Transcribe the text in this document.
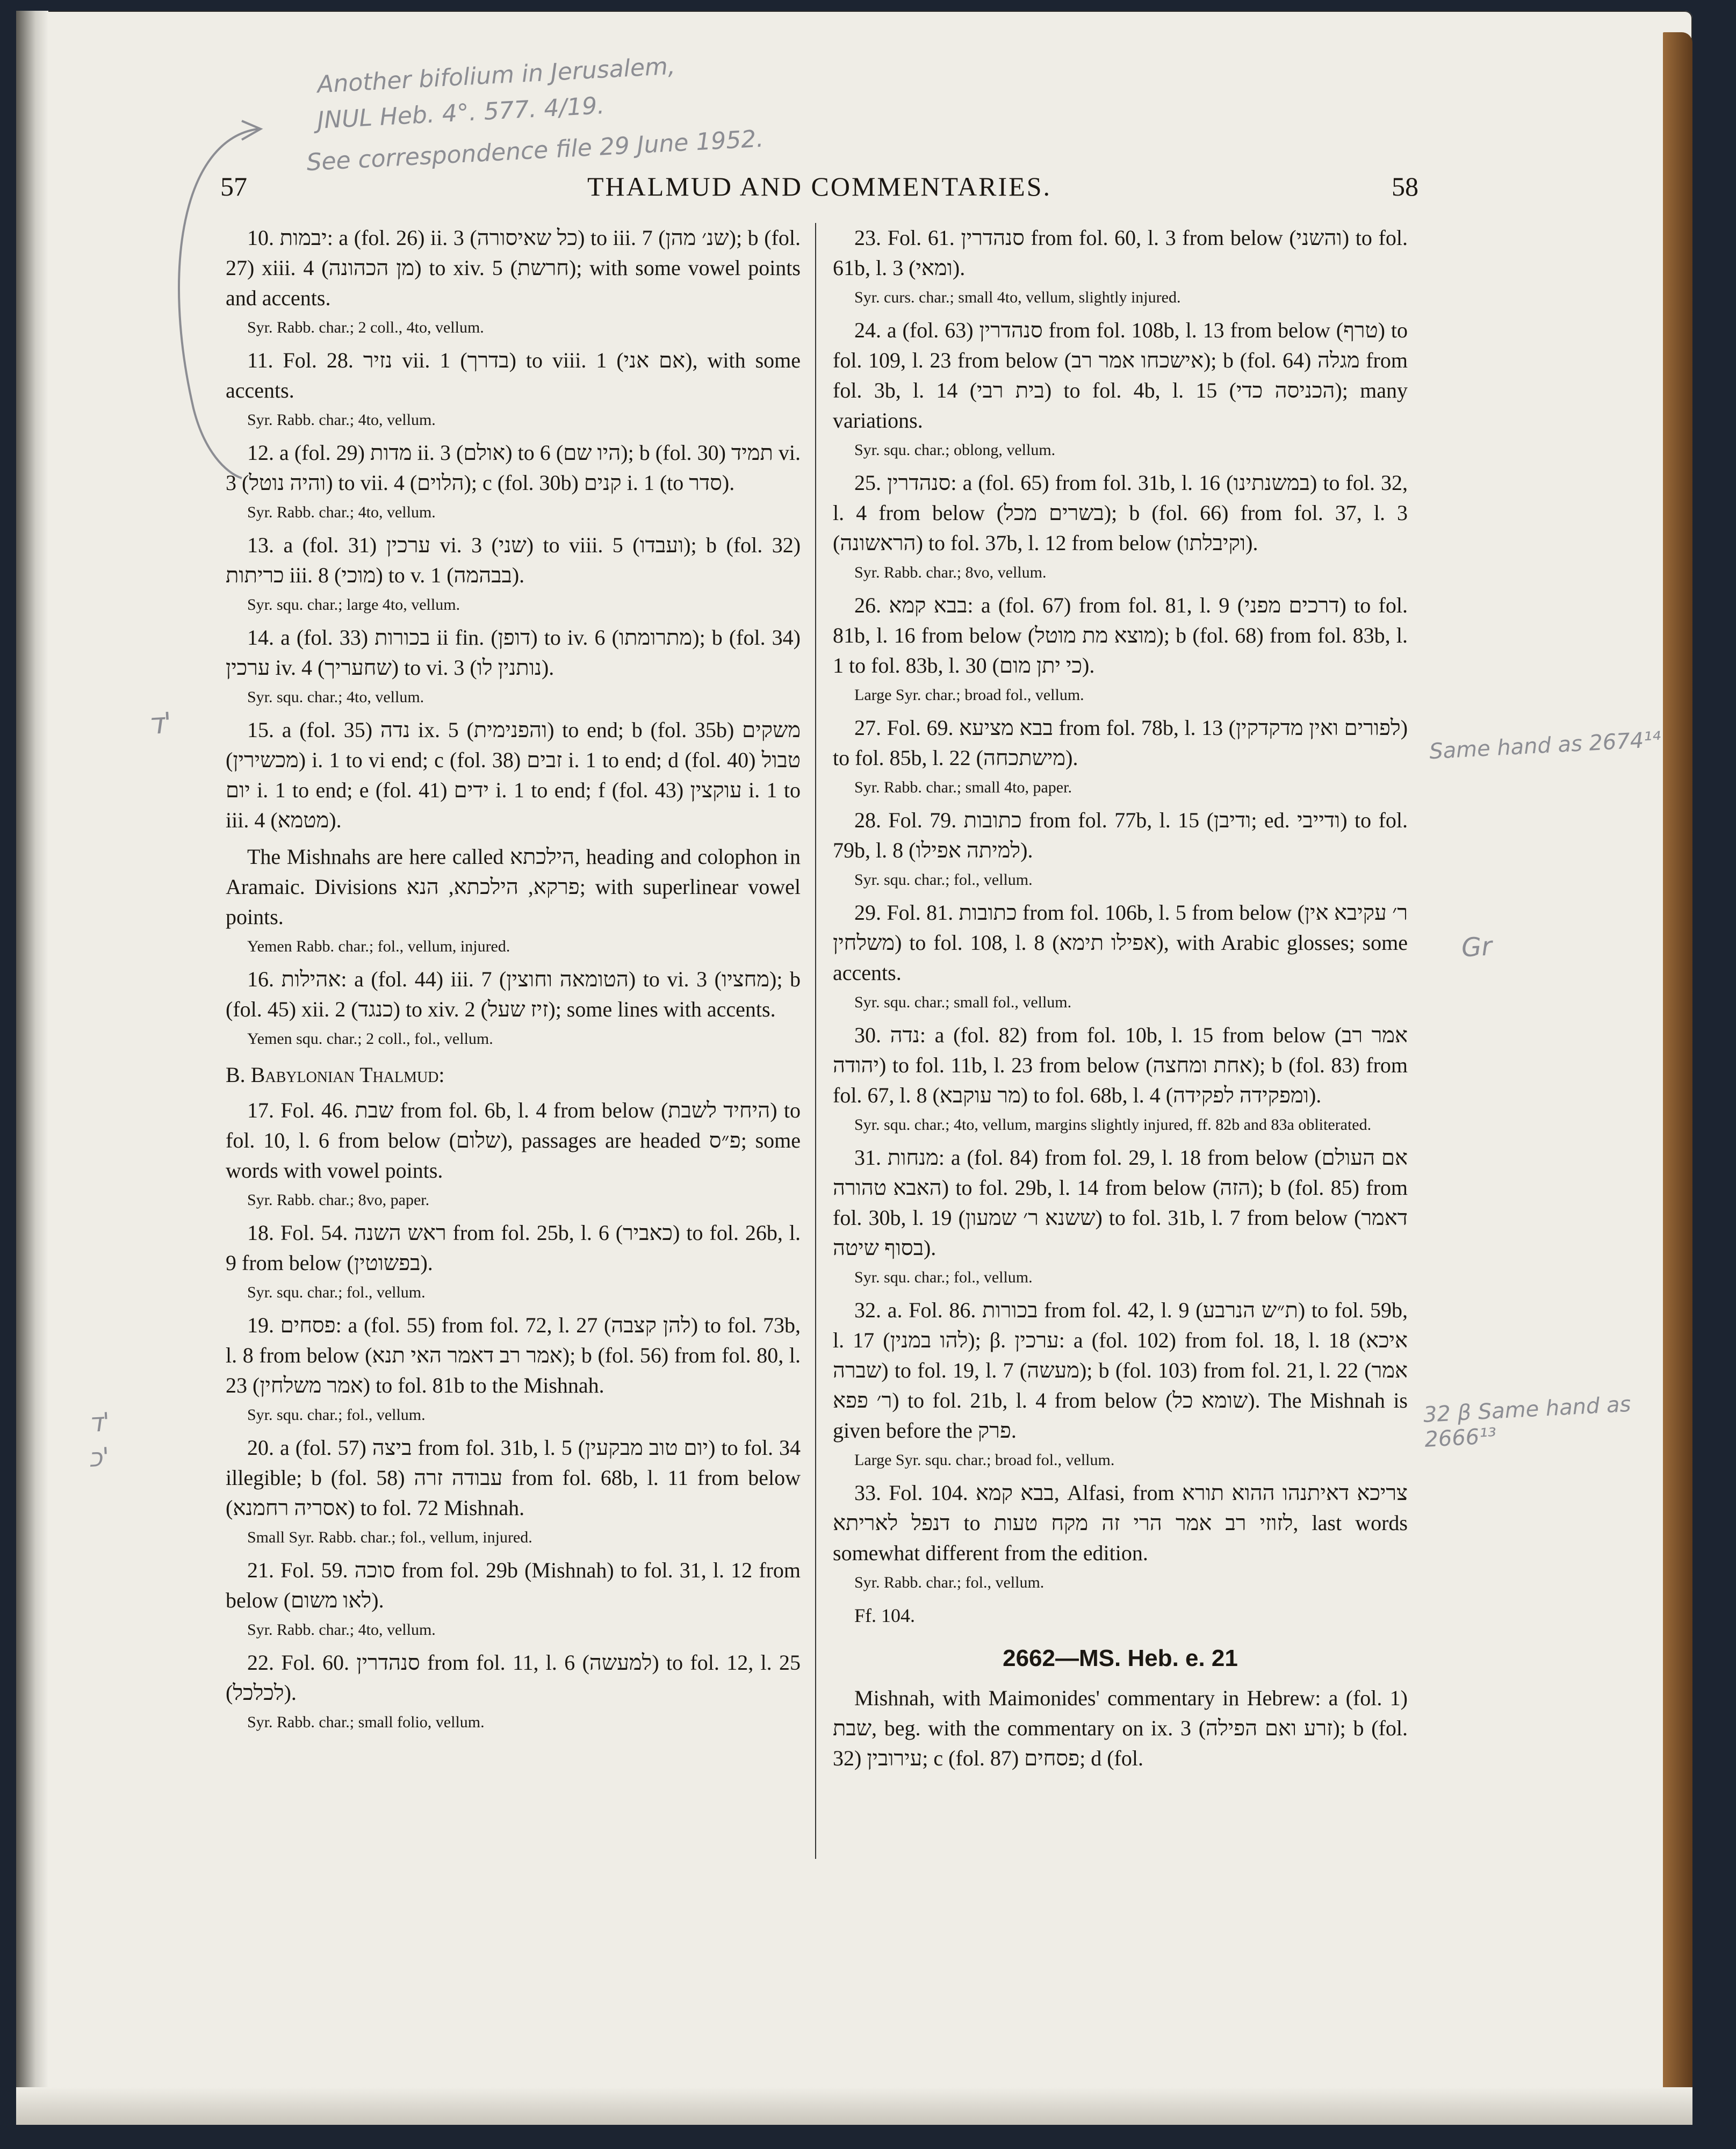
Another bifolium in Jerusalem,
JNUL Heb. 4°. 577. 4/19.
See correspondence file 29 June 1952.
ד'
ד'
כ'
Same hand as 2674¹⁴
Gr
32 β Same hand as 2666¹³
57	THALMUD AND COMMENTARIES.	58
10. יבמות: a (fol. 26) ii. 3 (כל שאיסורה) to iii. 7 (שנ׳ מהן); b (fol. 27) xiii. 4 (מן הכהונה) to xiv. 5 (חרשת); with some vowel points and accents.
Syr. Rabb. char.; 2 coll., 4to, vellum.
11. Fol. 28. נזיר vii. 1 (בדרך) to viii. 1 (אם אני), with some accents.
Syr. Rabb. char.; 4to, vellum.
12. a (fol. 29) מדות ii. 3 (אולם) to 6 (היו שם); b (fol. 30) תמיד vi. 3 (והיה נוטל) to vii. 4 (הלוים); c (fol. 30b) קנים i. 1 (to סדר).
Syr. Rabb. char.; 4to, vellum.
13. a (fol. 31) ערכין vi. 3 (שני) to viii. 5 (ועבדו); b (fol. 32) כריתות iii. 8 (מוכי) to v. 1 (בבהמה).
Syr. squ. char.; large 4to, vellum.
14. a (fol. 33) בכורות ii fin. (דופן) to iv. 6 (מתרומתו); b (fol. 34) ערכין iv. 4 (שחעריך) to vi. 3 (נותנין לו).
Syr. squ. char.; 4to, vellum.
15. a (fol. 35) נדה ix. 5 (והפנימית) to end; b (fol. 35b) משקים (מכשירין) i. 1 to vi end; c (fol. 38) זבים i. 1 to end; d (fol. 40) טבול יום i. 1 to end; e (fol. 41) ידים i. 1 to end; f (fol. 43) עוקצין i. 1 to iii. 4 (מטמא).
The Mishnahs are here called הילכתא, heading and colophon in Aramaic. Divisions פרקא, הילכתא, הנא; with superlinear vowel points.
Yemen Rabb. char.; fol., vellum, injured.
16. אהילות: a (fol. 44) iii. 7 (הטומאה וחוצין) to vi. 3 (מחציו); b (fol. 45) xii. 2 (כנגד) to xiv. 2 (זיז שעל); some lines with accents.
Yemen squ. char.; 2 coll., fol., vellum.
B. Babylonian Thalmud:
17. Fol. 46. שבת from fol. 6b, l. 4 from below (היחיד לשבת) to fol. 10, l. 6 from below (שלום), passages are headed פ״ס; some words with vowel points.
Syr. Rabb. char.; 8vo, paper.
18. Fol. 54. ראש השנה from fol. 25b, l. 6 (כאביר) to fol. 26b, l. 9 from below (בפשוטין).
Syr. squ. char.; fol., vellum.
19. פסחים: a (fol. 55) from fol. 72, l. 27 (להן קצבה) to fol. 73b, l. 8 from below (אמר רב דאמר האי תנא); b (fol. 56) from fol. 80, l. 23 (אמר משלחין) to fol. 81b to the Mishnah.
Syr. squ. char.; fol., vellum.
20. a (fol. 57) ביצה from fol. 31b, l. 5 (יום טוב מבקעין) to fol. 34 illegible; b (fol. 58) עבודה זרה from fol. 68b, l. 11 from below (אסריה רחמנא) to fol. 72 Mishnah.
Small Syr. Rabb. char.; fol., vellum, injured.
21. Fol. 59. סוכה from fol. 29b (Mishnah) to fol. 31, l. 12 from below (לאו משום).
Syr. Rabb. char.; 4to, vellum.
22. Fol. 60. סנהדרין from fol. 11, l. 6 (למעשה) to fol. 12, l. 25 (לכלכל).
Syr. Rabb. char.; small folio, vellum.
23. Fol. 61. סנהדרין from fol. 60, l. 3 from below (והשני) to fol. 61b, l. 3 (ומאי).
Syr. curs. char.; small 4to, vellum, slightly injured.
24. a (fol. 63) סנהדרין from fol. 108b, l. 13 from below (טרף) to fol. 109, l. 23 from below (אישכחו אמר רב); b (fol. 64) מגלה from fol. 3b, l. 14 (בית רבי) to fol. 4b, l. 15 (הכניסה כדי); many variations.
Syr. squ. char.; oblong, vellum.
25. סנהדרין: a (fol. 65) from fol. 31b, l. 16 (במשנתינו) to fol. 32, l. 4 from below (בשרים מכל); b (fol. 66) from fol. 37, l. 3 (הראשונה) to fol. 37b, l. 12 from below (וקיבלתו).
Syr. Rabb. char.; 8vo, vellum.
26. בבא קמא: a (fol. 67) from fol. 81, l. 9 (דרכים מפני) to fol. 81b, l. 16 from below (מוצא מת מוטל); b (fol. 68) from fol. 83b, l. 1 to fol. 83b, l. 30 (כי יתן מום).
Large Syr. char.; broad fol., vellum.
27. Fol. 69. בבא מציעא from fol. 78b, l. 13 (לפורים ואין מדקדקין) to fol. 85b, l. 22 (מישתכחה).
Syr. Rabb. char.; small 4to, paper.
28. Fol. 79. כתובות from fol. 77b, l. 15 (ודיבן; ed. ודייבי) to fol. 79b, l. 8 (למיתה אפילו).
Syr. squ. char.; fol., vellum.
29. Fol. 81. כתובות from fol. 106b, l. 5 from below (ר׳ עקיבא אין משלחין) to fol. 108, l. 8 (אפילו תימא), with Arabic glosses; some accents.
Syr. squ. char.; small fol., vellum.
30. נדה: a (fol. 82) from fol. 10b, l. 15 from below (אמר רב יהודה) to fol. 11b, l. 23 from below (אחת ומחצה); b (fol. 83) from fol. 67, l. 8 (מר עוקבא) to fol. 68b, l. 4 (ומפקידה לפקידה).
Syr. squ. char.; 4to, vellum, margins slightly injured, ff. 82b and 83a obliterated.
31. מנחות: a (fol. 84) from fol. 29, l. 18 from below (אם העולם האבא טהורה) to fol. 29b, l. 14 from below (הזה); b (fol. 85) from fol. 30b, l. 19 (ששנא ר׳ שמעון) to fol. 31b, l. 7 from below (דאמר בסוף שיטה).
Syr. squ. char.; fol., vellum.
32. a. Fol. 86. בכורות from fol. 42, l. 9 (ת״ש הנרבע) to fol. 59b, l. 17 (להו במנין); β. ערכין: a (fol. 102) from fol. 18, l. 18 (איכא שברה) to fol. 19, l. 7 (מעשה); b (fol. 103) from fol. 21, l. 22 (אמר ר׳ פפא) to fol. 21b, l. 4 from below (שומא כל). The Mishnah is given before the פרק.
Large Syr. squ. char.; broad fol., vellum.
33. Fol. 104. בבא קמא, Alfasi, from צריכא דאיתנהו ההוא תורא דנפל לאריתא to לזוזי רב אמר הרי זה מקח טעות, last words somewhat different from the edition.
Syr. Rabb. char.; fol., vellum.
Ff. 104.
2662—MS. Heb. e. 21
Mishnah, with Maimonides' commentary in Hebrew: a (fol. 1) שבת, beg. with the commentary on ix. 3 (זרע ואם הפילה); b (fol. 32) עירובין; c (fol. 87) פסחים; d (fol.
